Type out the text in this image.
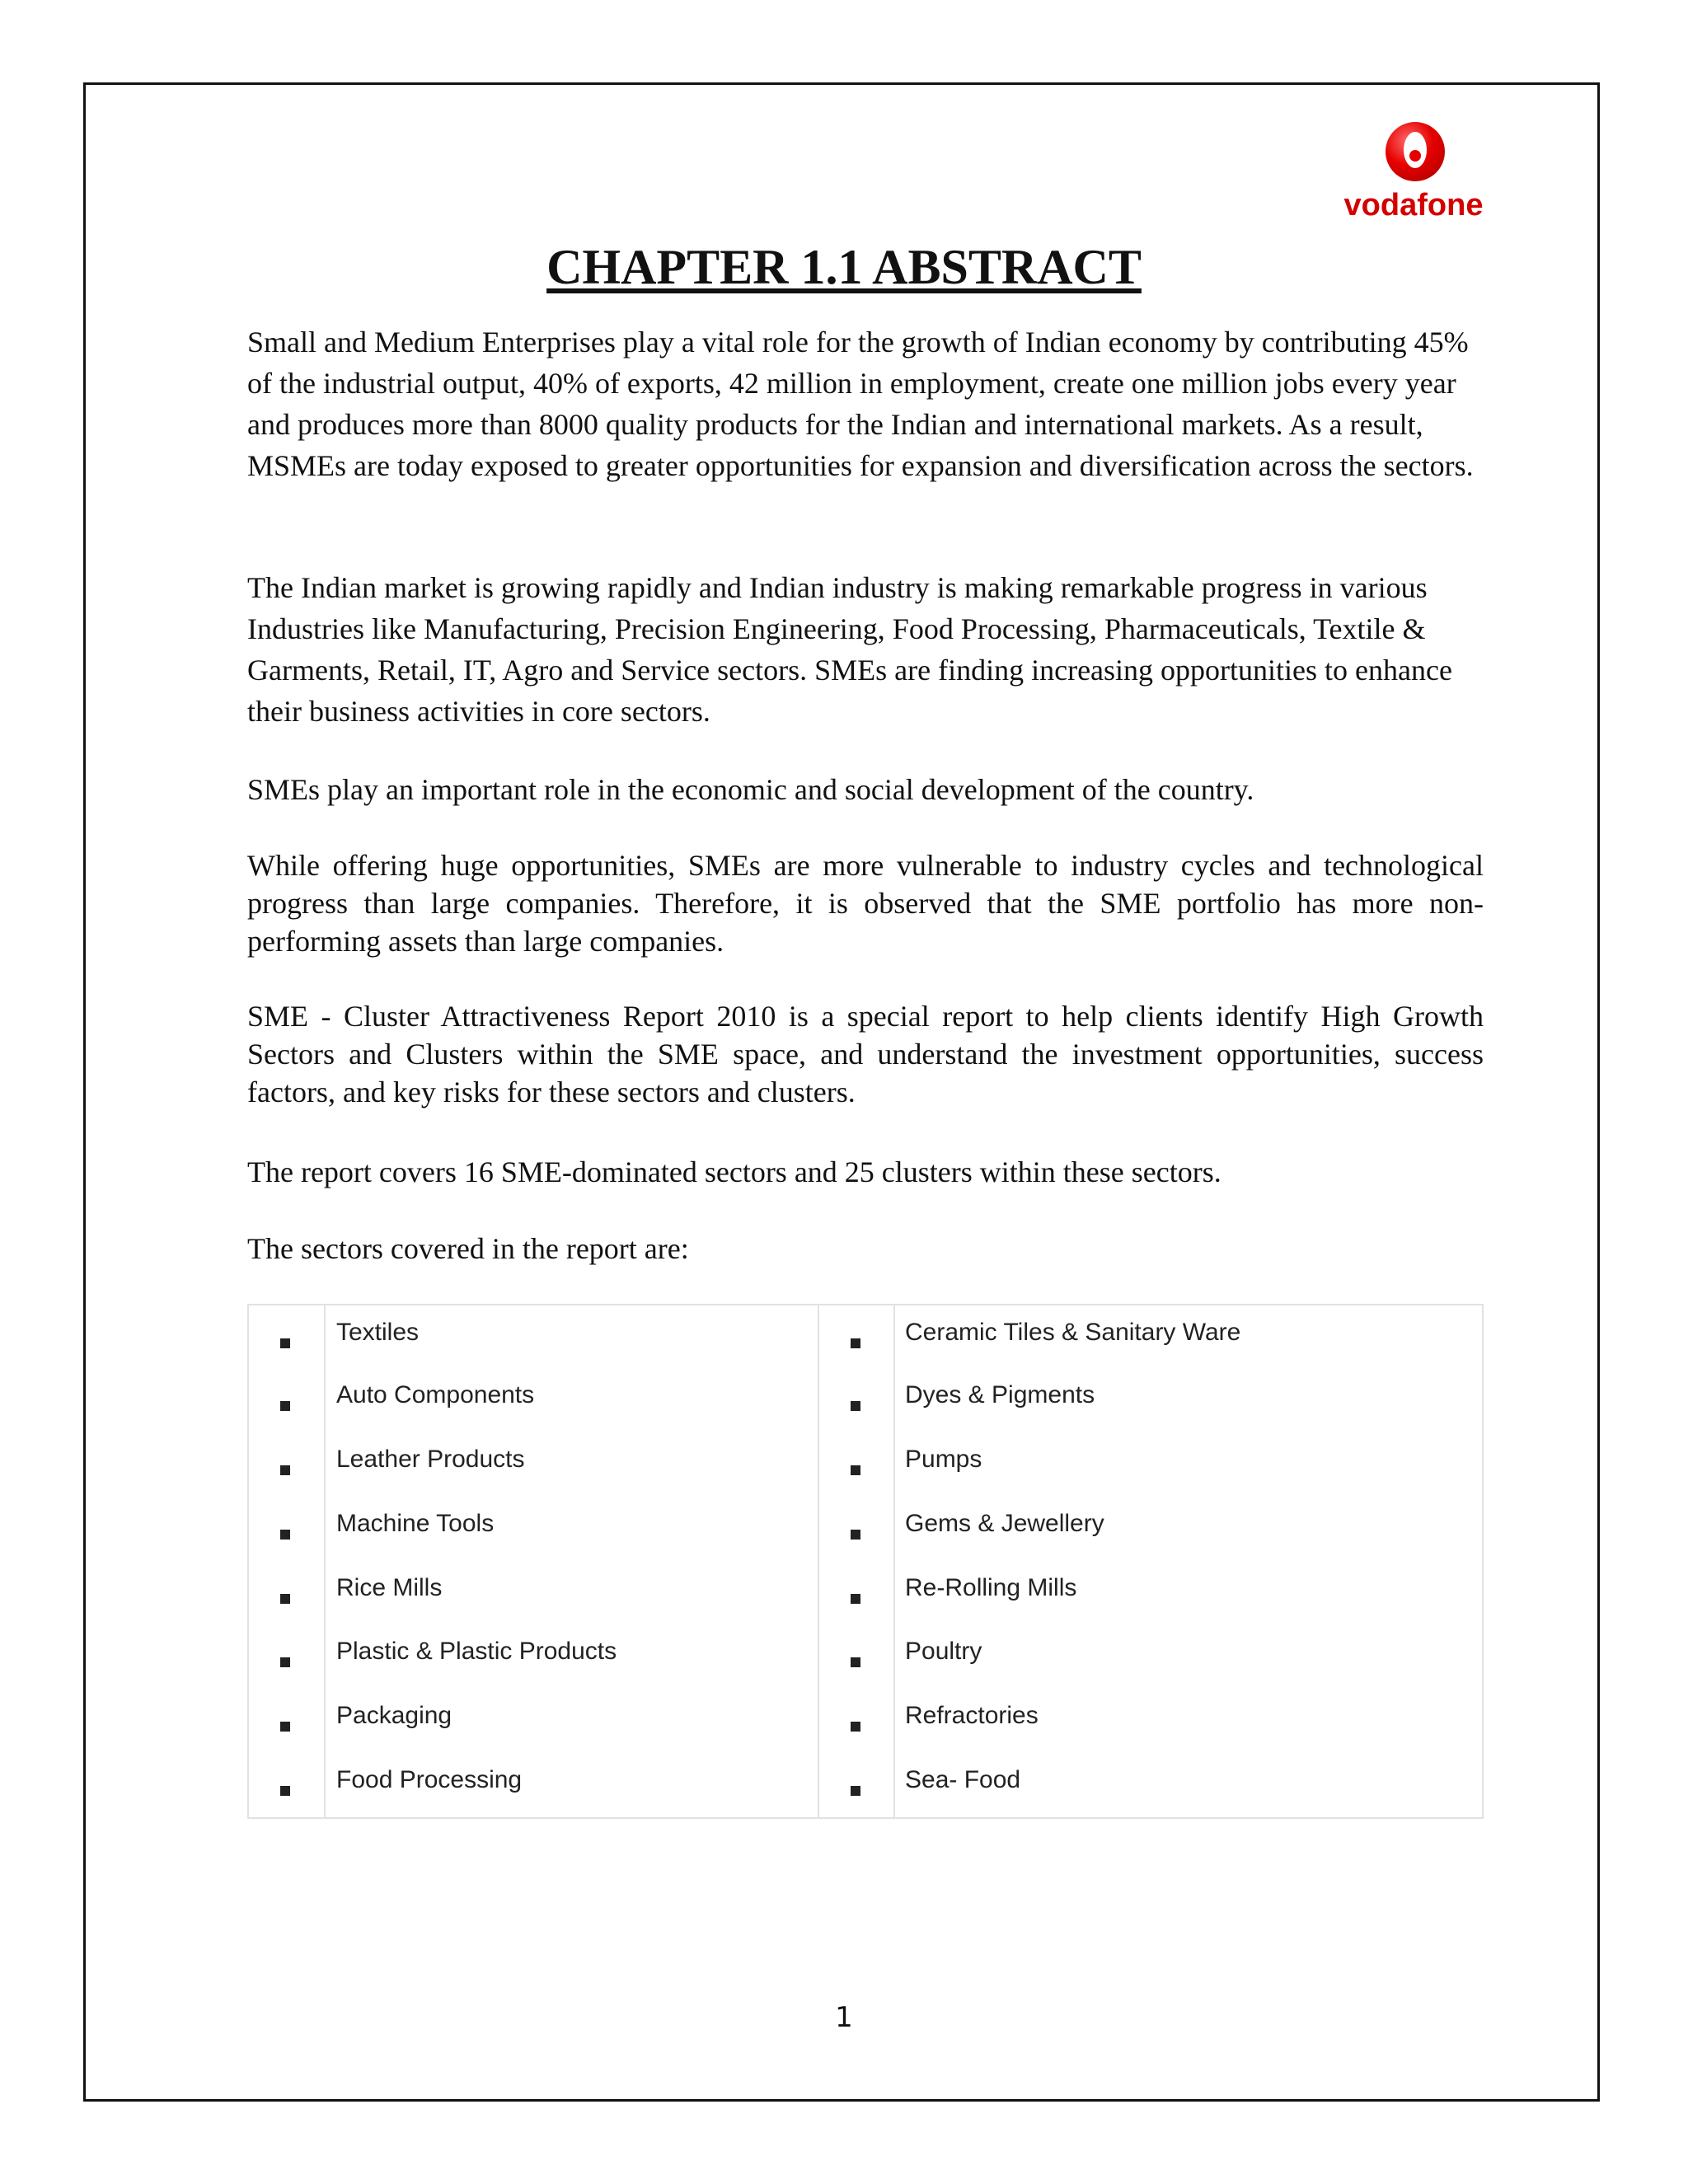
vodafone
CHAPTER 1.1 ABSTRACT

Small and Medium Enterprises play a vital role for the growth of Indian economy by contributing 45% of the industrial output, 40% of exports, 42 million in employment, create one million jobs every year and produces more than 8000 quality products for the Indian and international markets. As a result, MSMEs are today exposed to greater opportunities for expansion and diversification across the sectors.

The Indian market is growing rapidly and Indian industry is making remarkable progress in various Industries like Manufacturing, Precision Engineering, Food Processing, Pharmaceuticals, Textile & Garments, Retail, IT, Agro and Service sectors. SMEs are finding increasing opportunities to enhance their business activities in core sectors.

SMEs play an important role in the economic and social development of the country.

While offering huge opportunities, SMEs are more vulnerable to industry cycles and technological progress than large companies. Therefore, it is observed that the SME portfolio has more non-performing assets than large companies.

SME - Cluster Attractiveness Report 2010 is a special report to help clients identify High Growth Sectors and Clusters within the SME space, and understand the investment opportunities, success factors, and key risks for these sectors and clusters.

The report covers 16 SME-dominated sectors and 25 clusters within these sectors.

The sectors covered in the report are:

Textiles	Ceramic Tiles & Sanitary Ware
Auto Components	Dyes & Pigments
Leather Products	Pumps
Machine Tools	Gems & Jewellery
Rice Mills	Re-Rolling Mills
Plastic & Plastic Products	Poultry
Packaging	Refractories
Food Processing	Sea- Food
1
